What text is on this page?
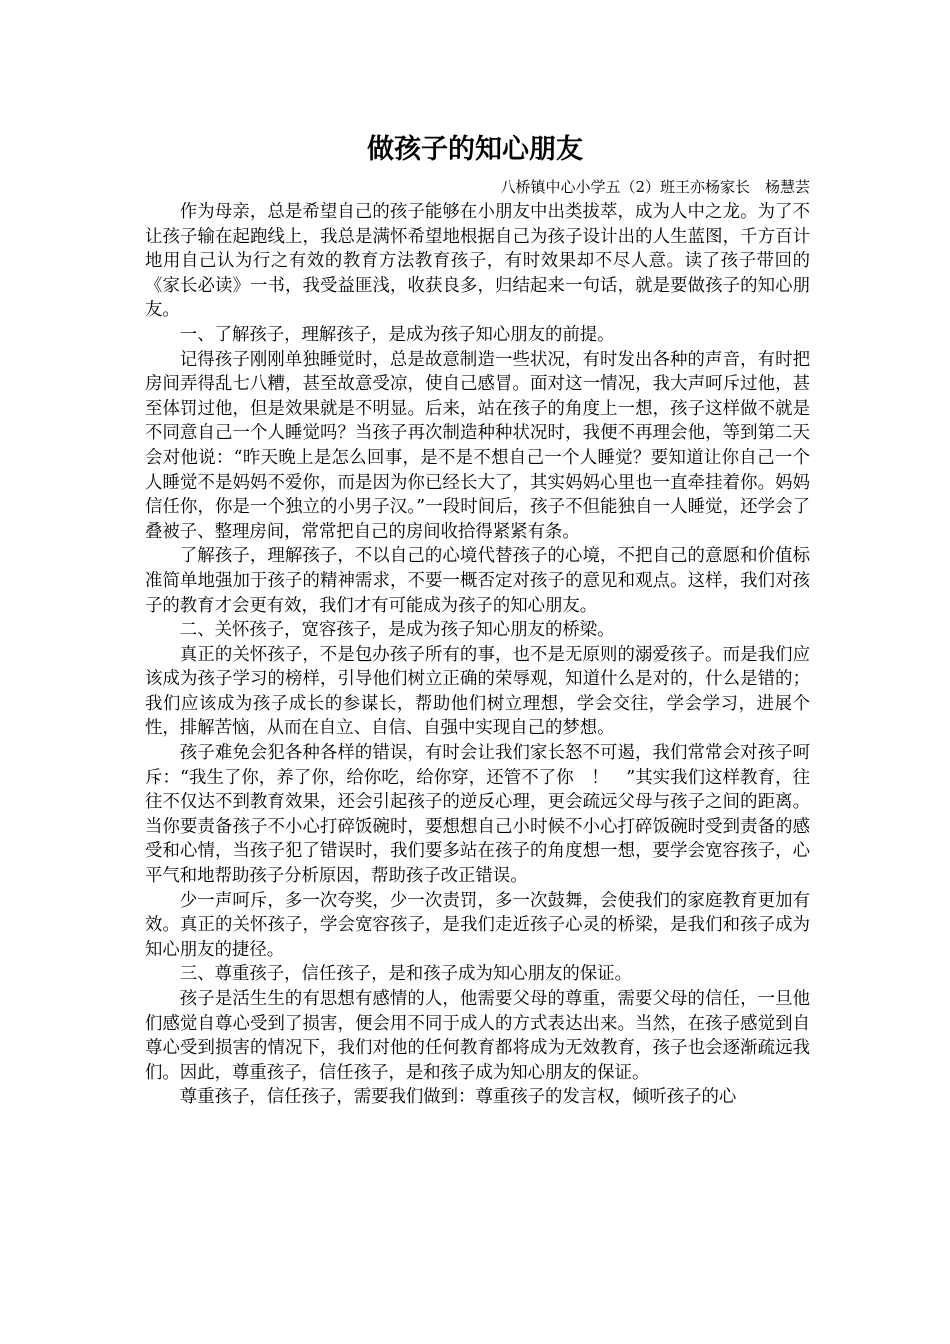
做孩子的知心朋友
八桥镇中心小学五（2）班王亦杨家长　杨慧芸

作为母亲，总是希望自己的孩子能够在小朋友中出类拔萃，成为人中之龙。为了不让孩子输在起跑线上，我总是满怀希望地根据自己为孩子设计出的人生蓝图，千方百计地用自己认为行之有效的教育方法教育孩子，有时效果却不尽人意。读了孩子带回的《家长必读》一书，我受益匪浅，收获良多，归结起来一句话，就是要做孩子的知心朋友。

一、了解孩子，理解孩子，是成为孩子知心朋友的前提。

记得孩子刚刚单独睡觉时，总是故意制造一些状况，有时发出各种的声音，有时把房间弄得乱七八糟，甚至故意受凉，使自己感冒。面对这一情况，我大声呵斥过他，甚至体罚过他，但是效果就是不明显。后来，站在孩子的角度上一想，孩子这样做不就是不同意自己一个人睡觉吗？当孩子再次制造种种状况时，我便不再理会他，等到第二天会对他说：“昨天晚上是怎么回事，是不是不想自己一个人睡觉？要知道让你自己一个人睡觉不是妈妈不爱你，而是因为你已经长大了，其实妈妈心里也一直牵挂着你。妈妈信任你，你是一个独立的小男子汉。”一段时间后，孩子不但能独自一人睡觉，还学会了叠被子、整理房间，常常把自己的房间收拾得紧紧有条。

了解孩子，理解孩子，不以自己的心境代替孩子的心境，不把自己的意愿和价值标准简单地强加于孩子的精神需求，不要一概否定对孩子的意见和观点。这样，我们对孩子的教育才会更有效，我们才有可能成为孩子的知心朋友。

二、关怀孩子，宽容孩子，是成为孩子知心朋友的桥梁。

真正的关怀孩子，不是包办孩子所有的事，也不是无原则的溺爱孩子。而是我们应该成为孩子学习的榜样，引导他们树立正确的荣辱观，知道什么是对的，什么是错的；我们应该成为孩子成长的参谋长，帮助他们树立理想，学会交往，学会学习，进展个性，排解苦恼，从而在自立、自信、自强中实现自己的梦想。

孩子难免会犯各种各样的错误，有时会让我们家长怒不可遏，我们常常会对孩子呵斥：“我生了你，养了你，给你吃，给你穿，还管不了你　！　”其实我们这样教育，往往不仅达不到教育效果，还会引起孩子的逆反心理，更会疏远父母与孩子之间的距离。当你要责备孩子不小心打碎饭碗时，要想想自己小时候不小心打碎饭碗时受到责备的感受和心情，当孩子犯了错误时，我们要多站在孩子的角度想一想，要学会宽容孩子，心平气和地帮助孩子分析原因，帮助孩子改正错误。

少一声呵斥，多一次夸奖，少一次责罚，多一次鼓舞，会使我们的家庭教育更加有效。真正的关怀孩子，学会宽容孩子，是我们走近孩子心灵的桥梁，是我们和孩子成为知心朋友的捷径。

三、尊重孩子，信任孩子，是和孩子成为知心朋友的保证。

孩子是活生生的有思想有感情的人，他需要父母的尊重，需要父母的信任，一旦他们感觉自尊心受到了损害，便会用不同于成人的方式表达出来。当然，在孩子感觉到自尊心受到损害的情况下，我们对他的任何教育都将成为无效教育，孩子也会逐渐疏远我们。因此，尊重孩子，信任孩子，是和孩子成为知心朋友的保证。

尊重孩子，信任孩子，需要我们做到：尊重孩子的发言权，倾听孩子的心
